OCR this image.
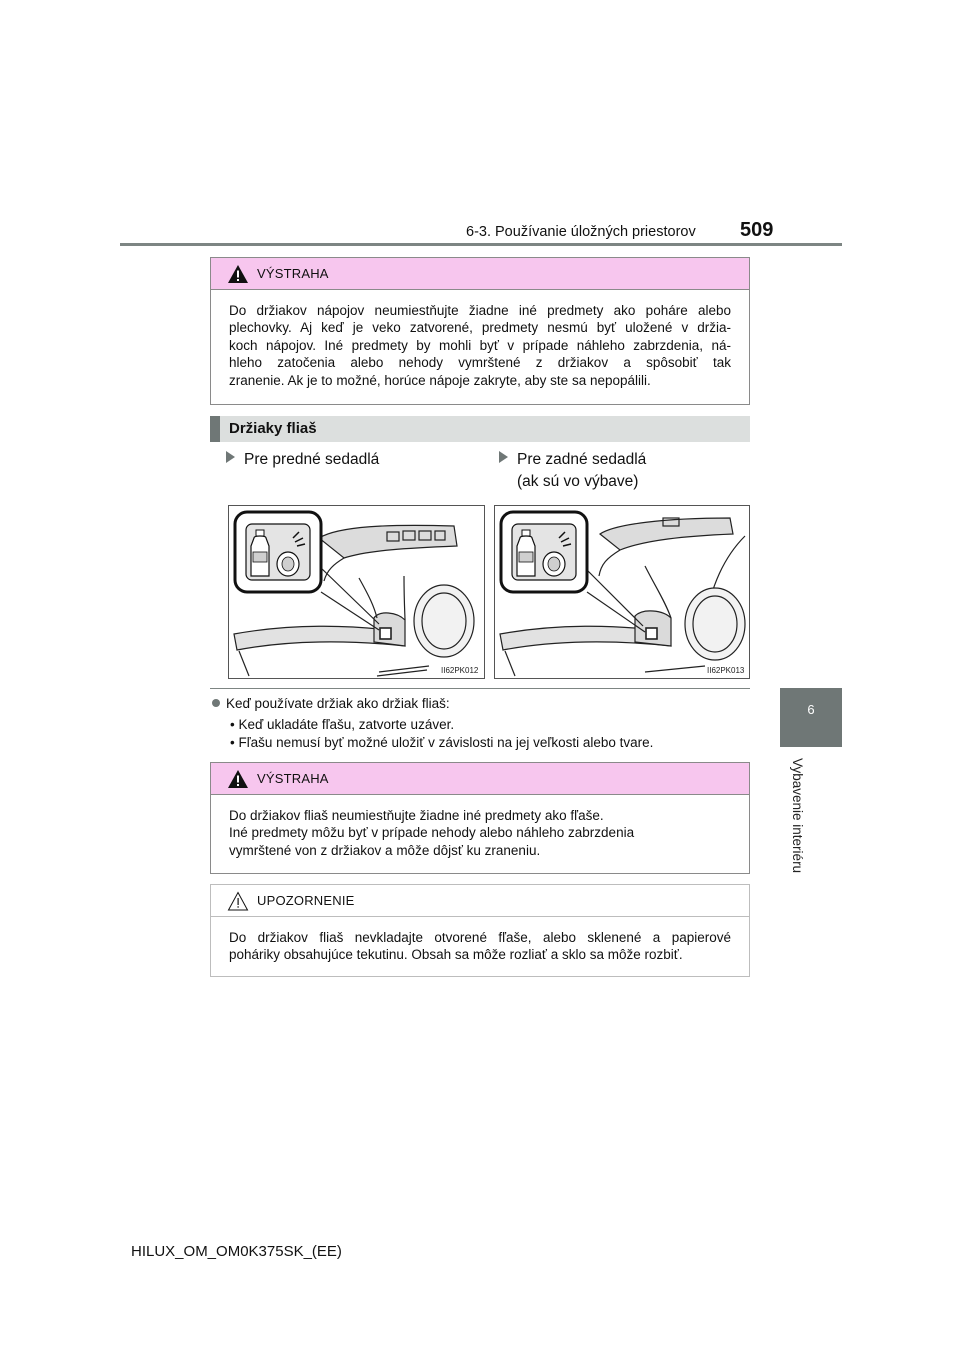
6-3. Používanie úložných priestorov 509
6
Vybavenie interiéru
VÝSTRAHA
Do držiakov nápojov neumiestňujte žiadne iné predmety ako poháre alebo
plechovky. Aj keď je veko zatvorené, predmety nesmú byť uložené v držia-
koch nápojov. Iné predmety by mohli byť v prípade náhleho zabrzdenia, ná-
hleho zatočenia alebo nehody vymrštené z držiakov a spôsobiť tak
zranenie. Ak je to možné, horúce nápoje zakryte, aby ste sa nepopálili.
Držiaky fliaš
Pre predné sedadlá	Pre zadné sedadlá
(ak sú vo výbave)
II62PK012	II62PK013
Keď používate držiak ako držiak fliaš:
• Keď ukladáte fľašu, zatvorte uzáver.
• Fľašu nemusí byť možné uložiť v závislosti na jej veľkosti alebo tvare.
VÝSTRAHA
Do držiakov fliaš neumiestňujte žiadne iné predmety ako fľaše.
Iné predmety môžu byť v prípade nehody alebo náhleho zabrzdenia
vymrštené von z držiakov a môže dôjsť ku zraneniu.
UPOZORNENIE
Do držiakov fliaš nevkladajte otvorené fľaše, alebo sklenené a papierové
poháriky obsahujúce tekutinu. Obsah sa môže rozliať a sklo sa môže rozbiť.
HILUX_OM_OM0K375SK_(EE)
